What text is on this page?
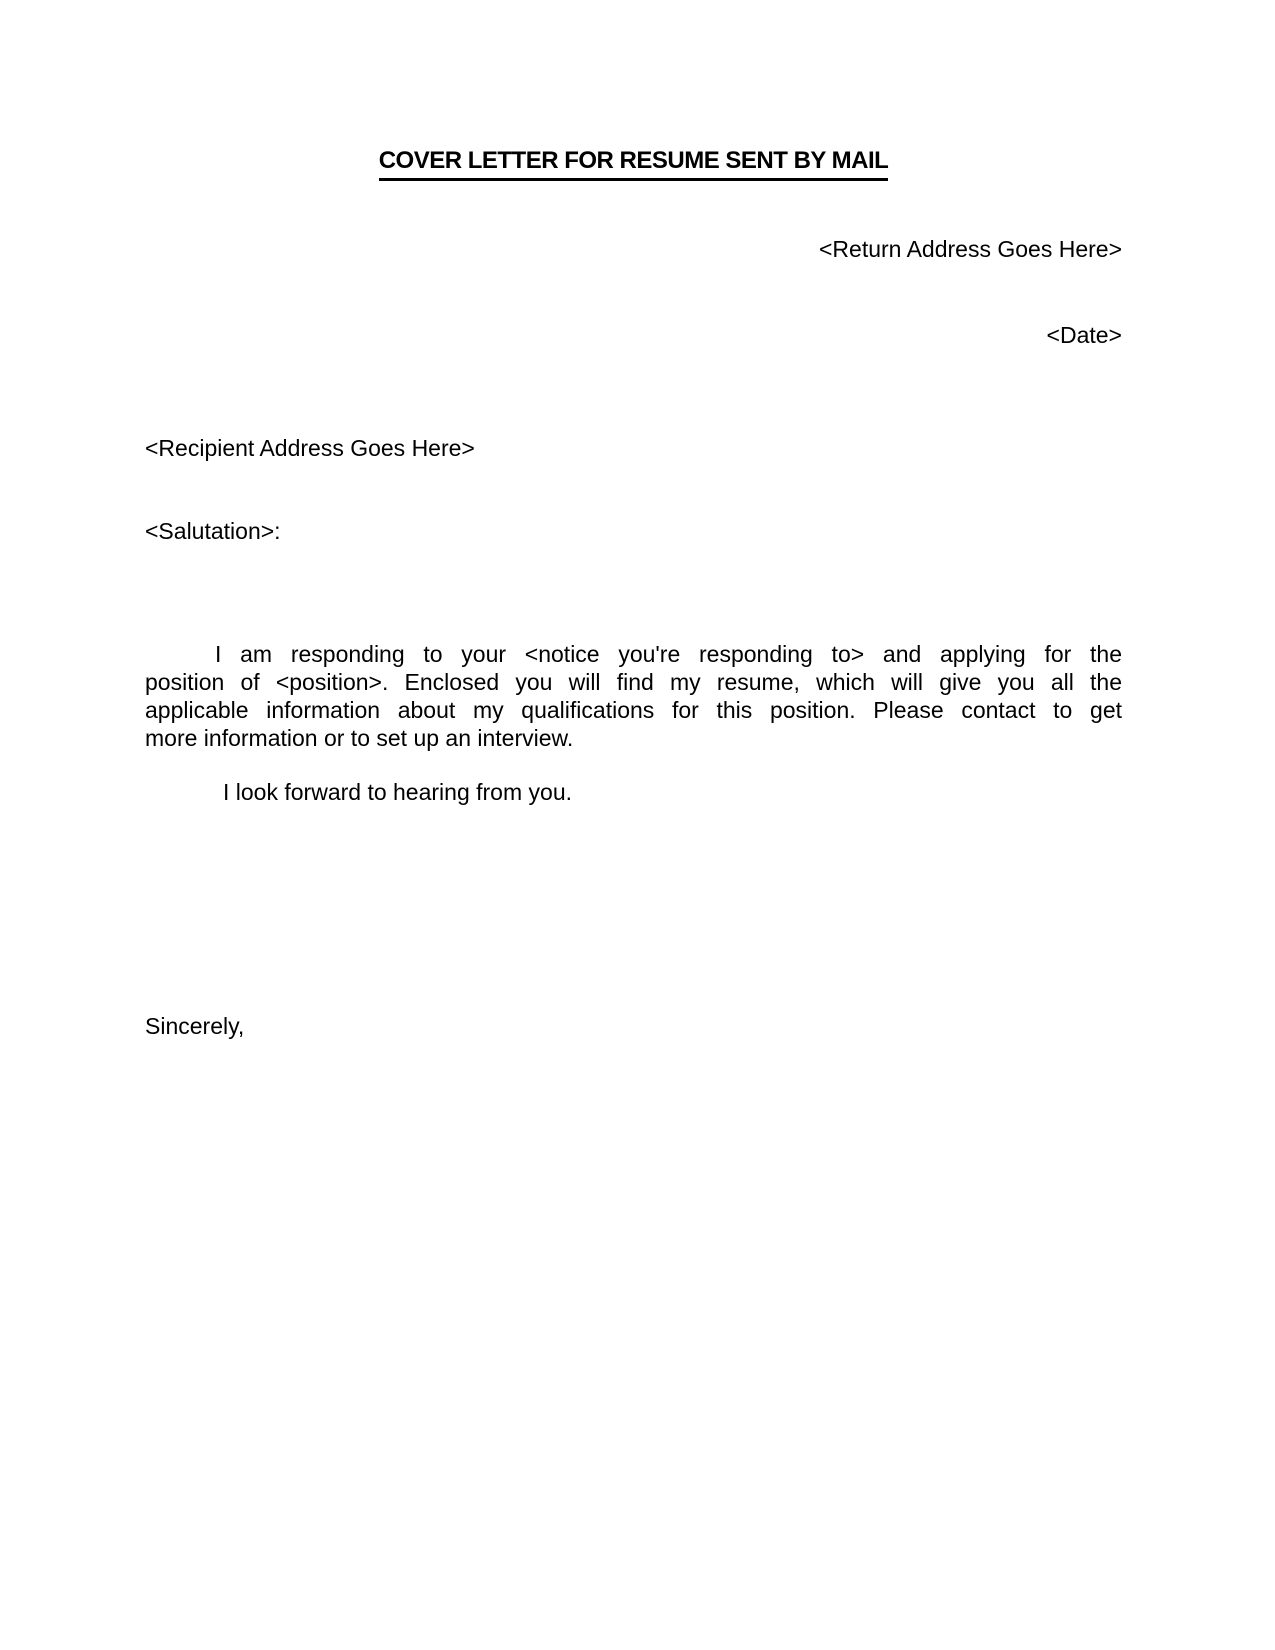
COVER LETTER FOR RESUME SENT BY MAIL
<Return Address Goes Here>
<Date>
<Recipient Address Goes Here>
<Salutation>:
I am responding to your <notice you're responding to> and applying for the
position of <position>. Enclosed you will find my resume, which will give you all the
applicable information about my qualifications for this position. Please contact to get
more information or to set up an interview.
I look forward to hearing from you.
Sincerely,
